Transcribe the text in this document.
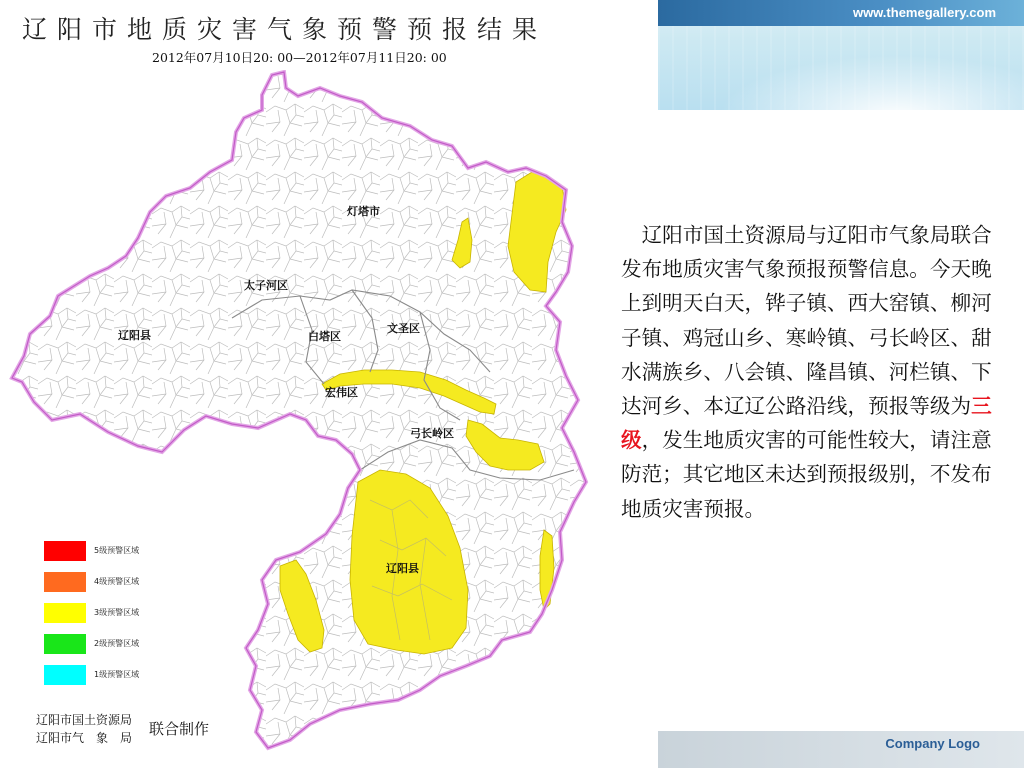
辽阳市地质灾害气象预警预报结果
2012年07月10日20: 00—2012年07月11日20: 00
www.themegallery.com
灯塔市
太子河区
辽阳县	白塔区
文圣区
宏伟区
弓长岭区
辽阳县
5级预警区域
4级预警区域
3级预警区域
2级预警区域
1级预警区域
辽阳市国土资源局
辽阳市气　象　局 联合制作
　辽阳市国土资源局与辽阳市气象局联合发布地质灾害气象预报预警信息。今天晚上到明天白天，铧子镇、西大窑镇、柳河子镇、鸡冠山乡、寒岭镇、弓长岭区、甜水满族乡、八会镇、隆昌镇、河栏镇、下达河乡、本辽辽公路沿线，预报等级为三级，发生地质灾害的可能性较大，请注意防范；其它地区未达到预报级别，不发布地质灾害预报。
Company Logo
